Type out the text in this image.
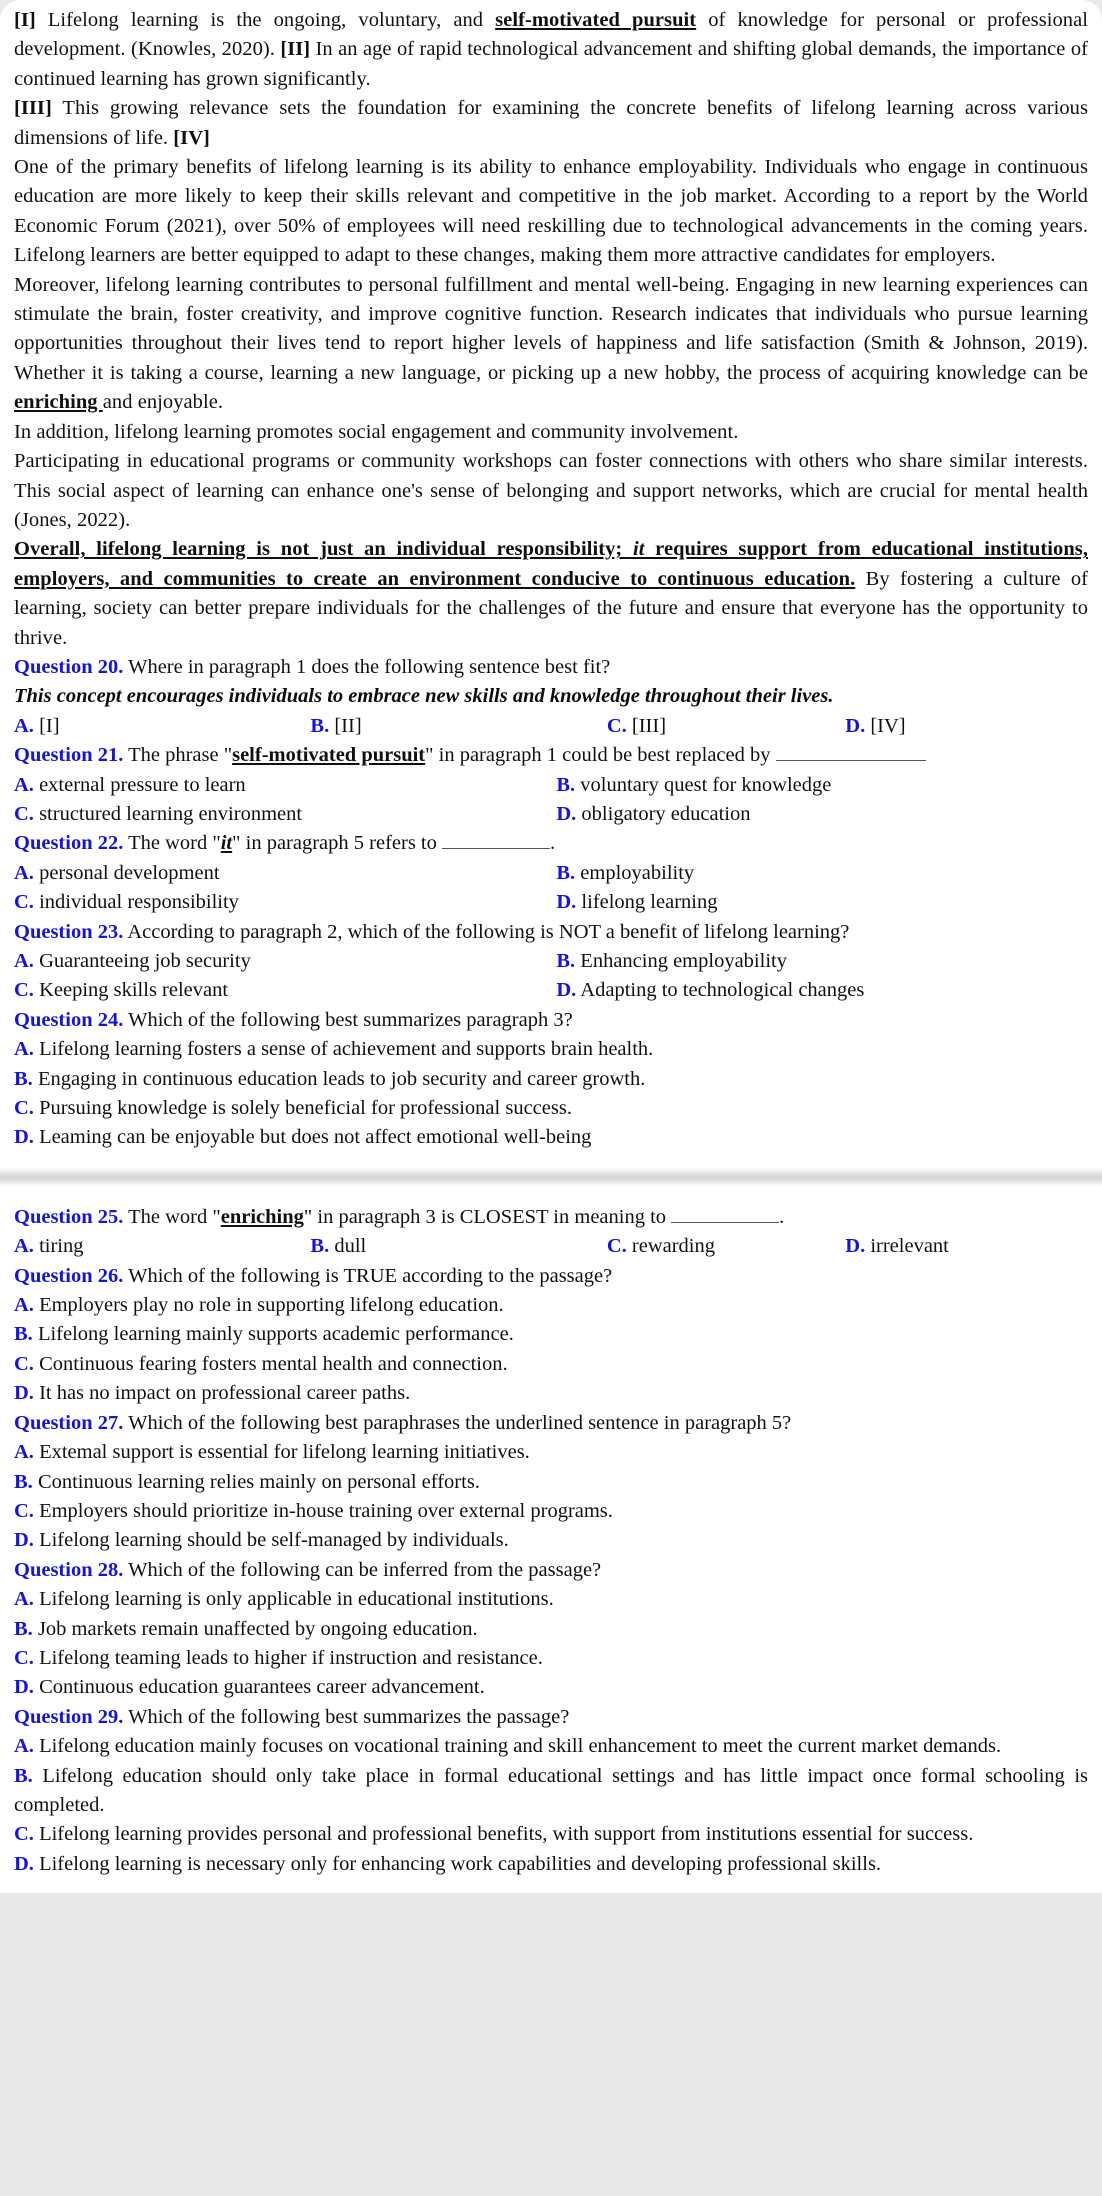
[I] Lifelong learning is the ongoing, voluntary, and self-motivated pursuit of knowledge for personal or professional development. (Knowles, 2020). [II] In an age of rapid technological advancement and shifting global demands, the importance of continued learning has grown significantly.

[III] This growing relevance sets the foundation for examining the concrete benefits of lifelong learning across various dimensions of life. [IV]

One of the primary benefits of lifelong learning is its ability to enhance employability. Individuals who engage in continuous education are more likely to keep their skills relevant and competitive in the job market. According to a report by the World Economic Forum (2021), over 50% of employees will need reskilling due to technological advancements in the coming years. Lifelong learners are better equipped to adapt to these changes, making them more attractive candidates for employers.

Moreover, lifelong learning contributes to personal fulfillment and mental well-being. Engaging in new learning experiences can stimulate the brain, foster creativity, and improve cognitive function. Research indicates that individuals who pursue learning opportunities throughout their lives tend to report higher levels of happiness and life satisfaction (Smith & Johnson, 2019). Whether it is taking a course, learning a new language, or picking up a new hobby, the process of acquiring knowledge can be enriching and enjoyable.

In addition, lifelong learning promotes social engagement and community involvement.

Participating in educational programs or community workshops can foster connections with others who share similar interests. This social aspect of learning can enhance one's sense of belonging and support networks, which are crucial for mental health (Jones, 2022).

Overall, lifelong learning is not just an individual responsibility; it requires support from educational institutions, employers, and communities to create an environment conducive to continuous education. By fostering a culture of learning, society can better prepare individuals for the challenges of the future and ensure that everyone has the opportunity to thrive.

Question 20. Where in paragraph 1 does the following sentence best fit?

This concept encourages individuals to embrace new skills and knowledge throughout their lives.

A. [I]	B. [II]	C. [III]	D. [IV]

Question 21. The phrase "self-motivated pursuit" in paragraph 1 could be best replaced by

A. external pressure to learn	B. voluntary quest for knowledge
C. structured learning environment	D. obligatory education

Question 22. The word "it" in paragraph 5 refers to	.

A. personal development	B. employability
C. individual responsibility	D. lifelong learning

Question 23. According to paragraph 2, which of the following is NOT a benefit of lifelong learning?

A. Guaranteeing job security	B. Enhancing employability
C. Keeping skills relevant	D. Adapting to technological changes

Question 24. Which of the following best summarizes paragraph 3?

A. Lifelong learning fosters a sense of achievement and supports brain health.
B. Engaging in continuous education leads to job security and career growth.
C. Pursuing knowledge is solely beneficial for professional success.
D. Leaming can be enjoyable but does not affect emotional well-being

Question 25. The word "enriching" in paragraph 3 is CLOSEST in meaning to	.

A. tiring	B. dull	C. rewarding	D. irrelevant

Question 26. Which of the following is TRUE according to the passage?

A. Employers play no role in supporting lifelong education.
B. Lifelong learning mainly supports academic performance.
C. Continuous fearing fosters mental health and connection.
D. It has no impact on professional career paths.

Question 27. Which of the following best paraphrases the underlined sentence in paragraph 5?

A. Extemal support is essential for lifelong learning initiatives.
B. Continuous learning relies mainly on personal efforts.
C. Employers should prioritize in-house training over external programs.
D. Lifelong learning should be self-managed by individuals.

Question 28. Which of the following can be inferred from the passage?

A. Lifelong learning is only applicable in educational institutions.
B. Job markets remain unaffected by ongoing education.
C. Lifelong teaming leads to higher if instruction and resistance.
D. Continuous education guarantees career advancement.

Question 29. Which of the following best summarizes the passage?

A. Lifelong education mainly focuses on vocational training and skill enhancement to meet the current market demands.
B. Lifelong education should only take place in formal educational settings and has little impact once formal schooling is completed.
C. Lifelong learning provides personal and professional benefits, with support from institutions essential for success.
D. Lifelong learning is necessary only for enhancing work capabilities and developing professional skills.
